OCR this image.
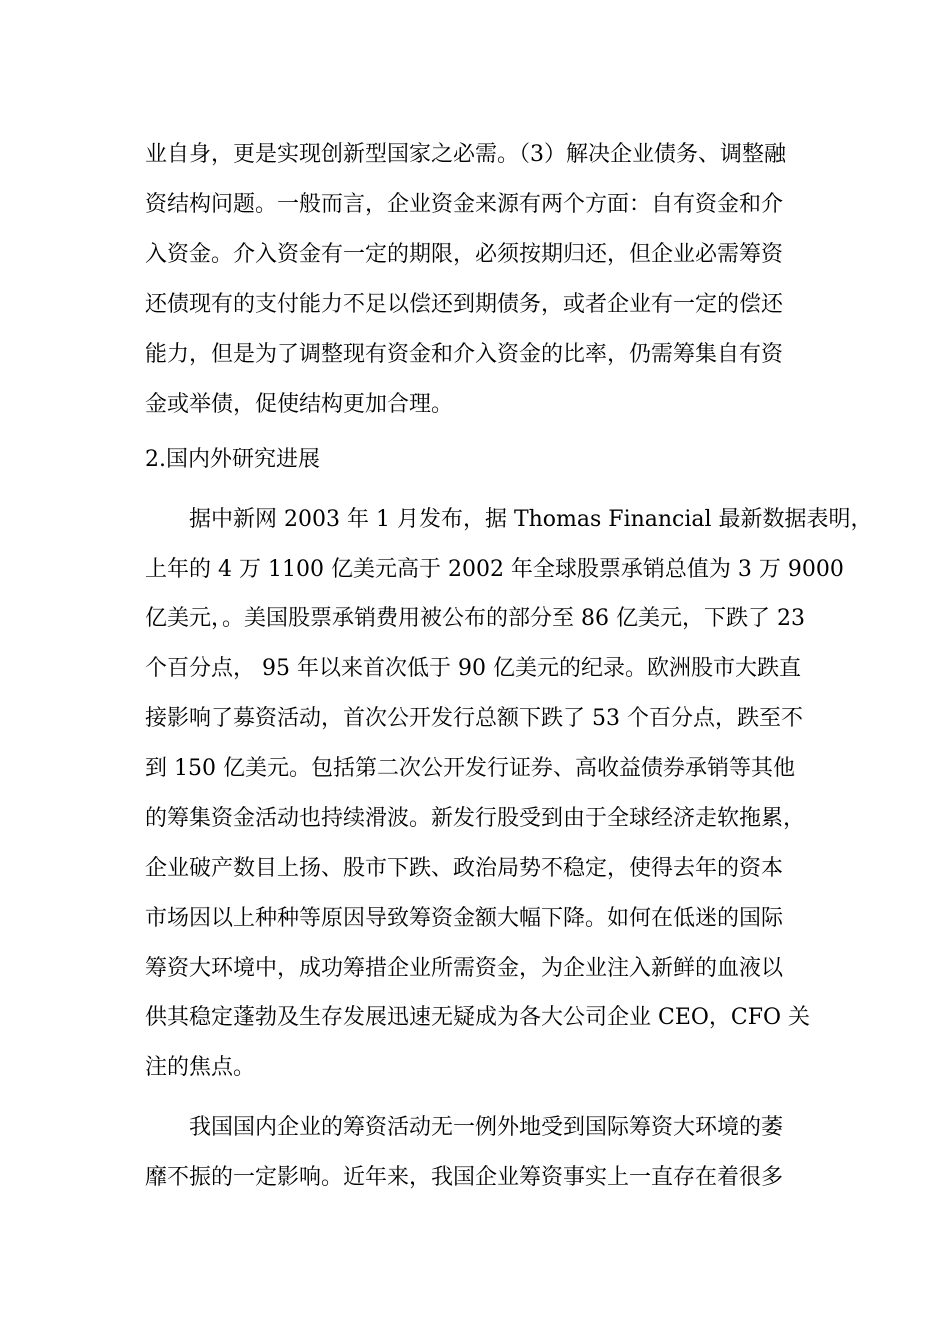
业自身，更是实现创新型国家之必需。（3）解决企业债务、调整融
资结构问题。一般而言，企业资金来源有两个方面：自有资金和介
入资金。介入资金有一定的期限，必须按期归还，但企业必需筹资
还债现有的支付能力不足以偿还到期债务，或者企业有一定的偿还
能力，但是为了调整现有资金和介入资金的比率，仍需筹集自有资
金或举债，促使结构更加合理。
2.国内外研究进展
据中新网 2003 年 1 月发布，据 Thomas Financial 最新数据表明，
上年的 4 万 1100 亿美元高于 2002 年全球股票承销总值为 3 万 9000
亿美元，。美国股票承销费用被公布的部分至 86 亿美元，下跌了 23
个百分点， 95 年以来首次低于 90 亿美元的纪录。欧洲股市大跌直
接影响了募资活动，首次公开发行总额下跌了 53 个百分点，跌至不
到 150 亿美元。包括第二次公开发行证券、高收益债券承销等其他
的筹集资金活动也持续滑波。新发行股受到由于全球经济走软拖累，
企业破产数目上扬、股市下跌、政治局势不稳定，使得去年的资本
市场因以上种种等原因导致筹资金额大幅下降。如何在低迷的国际
筹资大环境中，成功筹措企业所需资金，为企业注入新鲜的血液以
供其稳定蓬勃及生存发展迅速无疑成为各大公司企业 CEO，CFO 关
注的焦点。
我国国内企业的筹资活动无一例外地受到国际筹资大环境的萎
靡不振的一定影响。近年来，我国企业筹资事实上一直存在着很多
